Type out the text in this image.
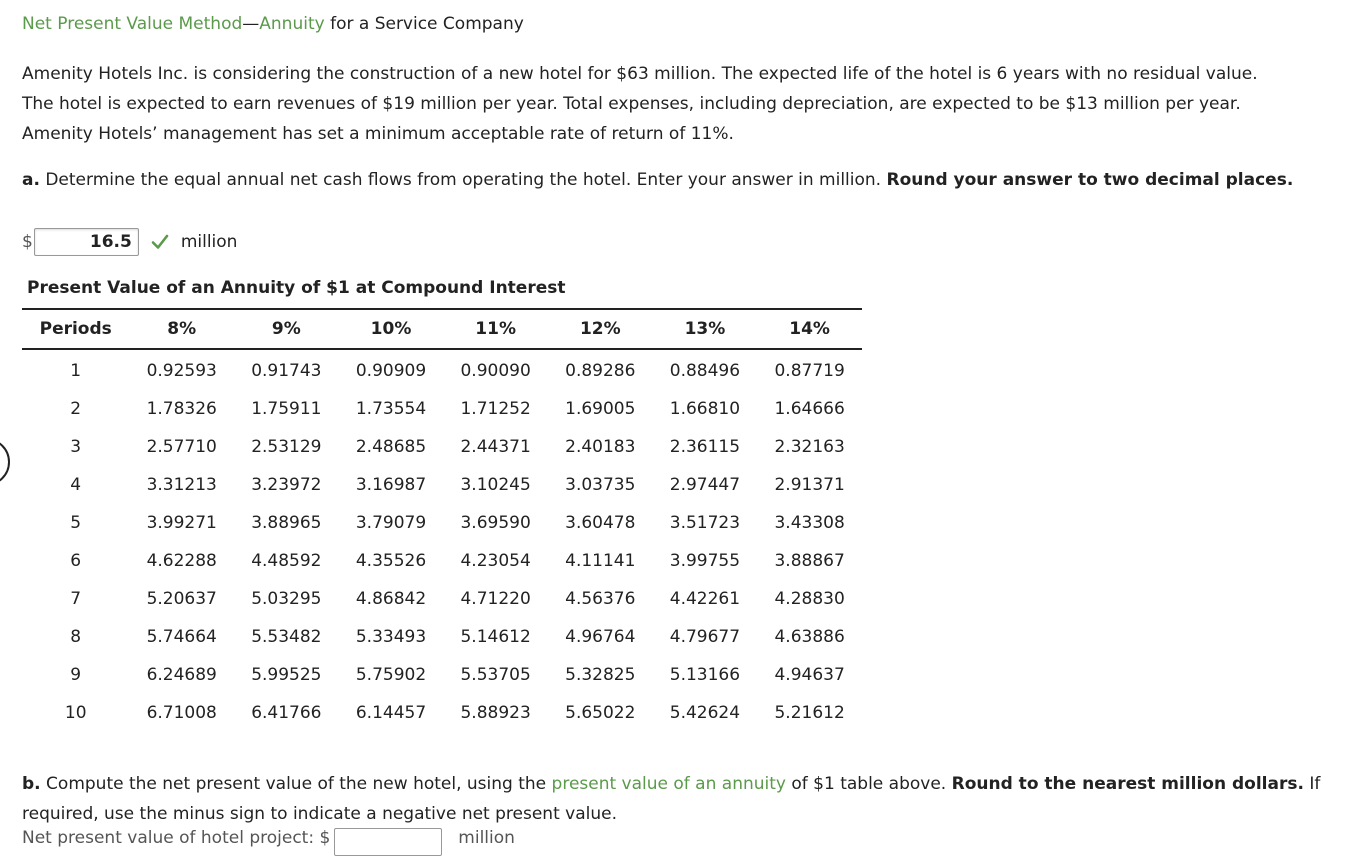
Net Present Value Method—Annuity for a Service Company
Amenity Hotels Inc. is considering the construction of a new hotel for $63 million. The expected life of the hotel is 6 years with no residual value.
The hotel is expected to earn revenues of $19 million per year. Total expenses, including depreciation, are expected to be $13 million per year.
Amenity Hotels’ management has set a minimum acceptable rate of return of 11%.
a. Determine the equal annual net cash flows from operating the hotel. Enter your answer in million. Round your answer to two decimal places.
$	16.5	million
Present Value of an Annuity of $1 at Compound Interest
Periods	8%	9%	10%	11%	12%	13%	14%
1	0.92593	0.91743	0.90909	0.90090	0.89286	0.88496	0.87719
2	1.78326	1.75911	1.73554	1.71252	1.69005	1.66810	1.64666
3	2.57710	2.53129	2.48685	2.44371	2.40183	2.36115	2.32163
4	3.31213	3.23972	3.16987	3.10245	3.03735	2.97447	2.91371
5	3.99271	3.88965	3.79079	3.69590	3.60478	3.51723	3.43308
6	4.62288	4.48592	4.35526	4.23054	4.11141	3.99755	3.88867
7	5.20637	5.03295	4.86842	4.71220	4.56376	4.42261	4.28830
8	5.74664	5.53482	5.33493	5.14612	4.96764	4.79677	4.63886
9	6.24689	5.99525	5.75902	5.53705	5.32825	5.13166	4.94637
10	6.71008	6.41766	6.14457	5.88923	5.65022	5.42624	5.21612
b. Compute the net present value of the new hotel, using the present value of an annuity of $1 table above. Round to the nearest million dollars. If required, use the minus sign to indicate a negative net present value.
Net present value of hotel project: $	million
